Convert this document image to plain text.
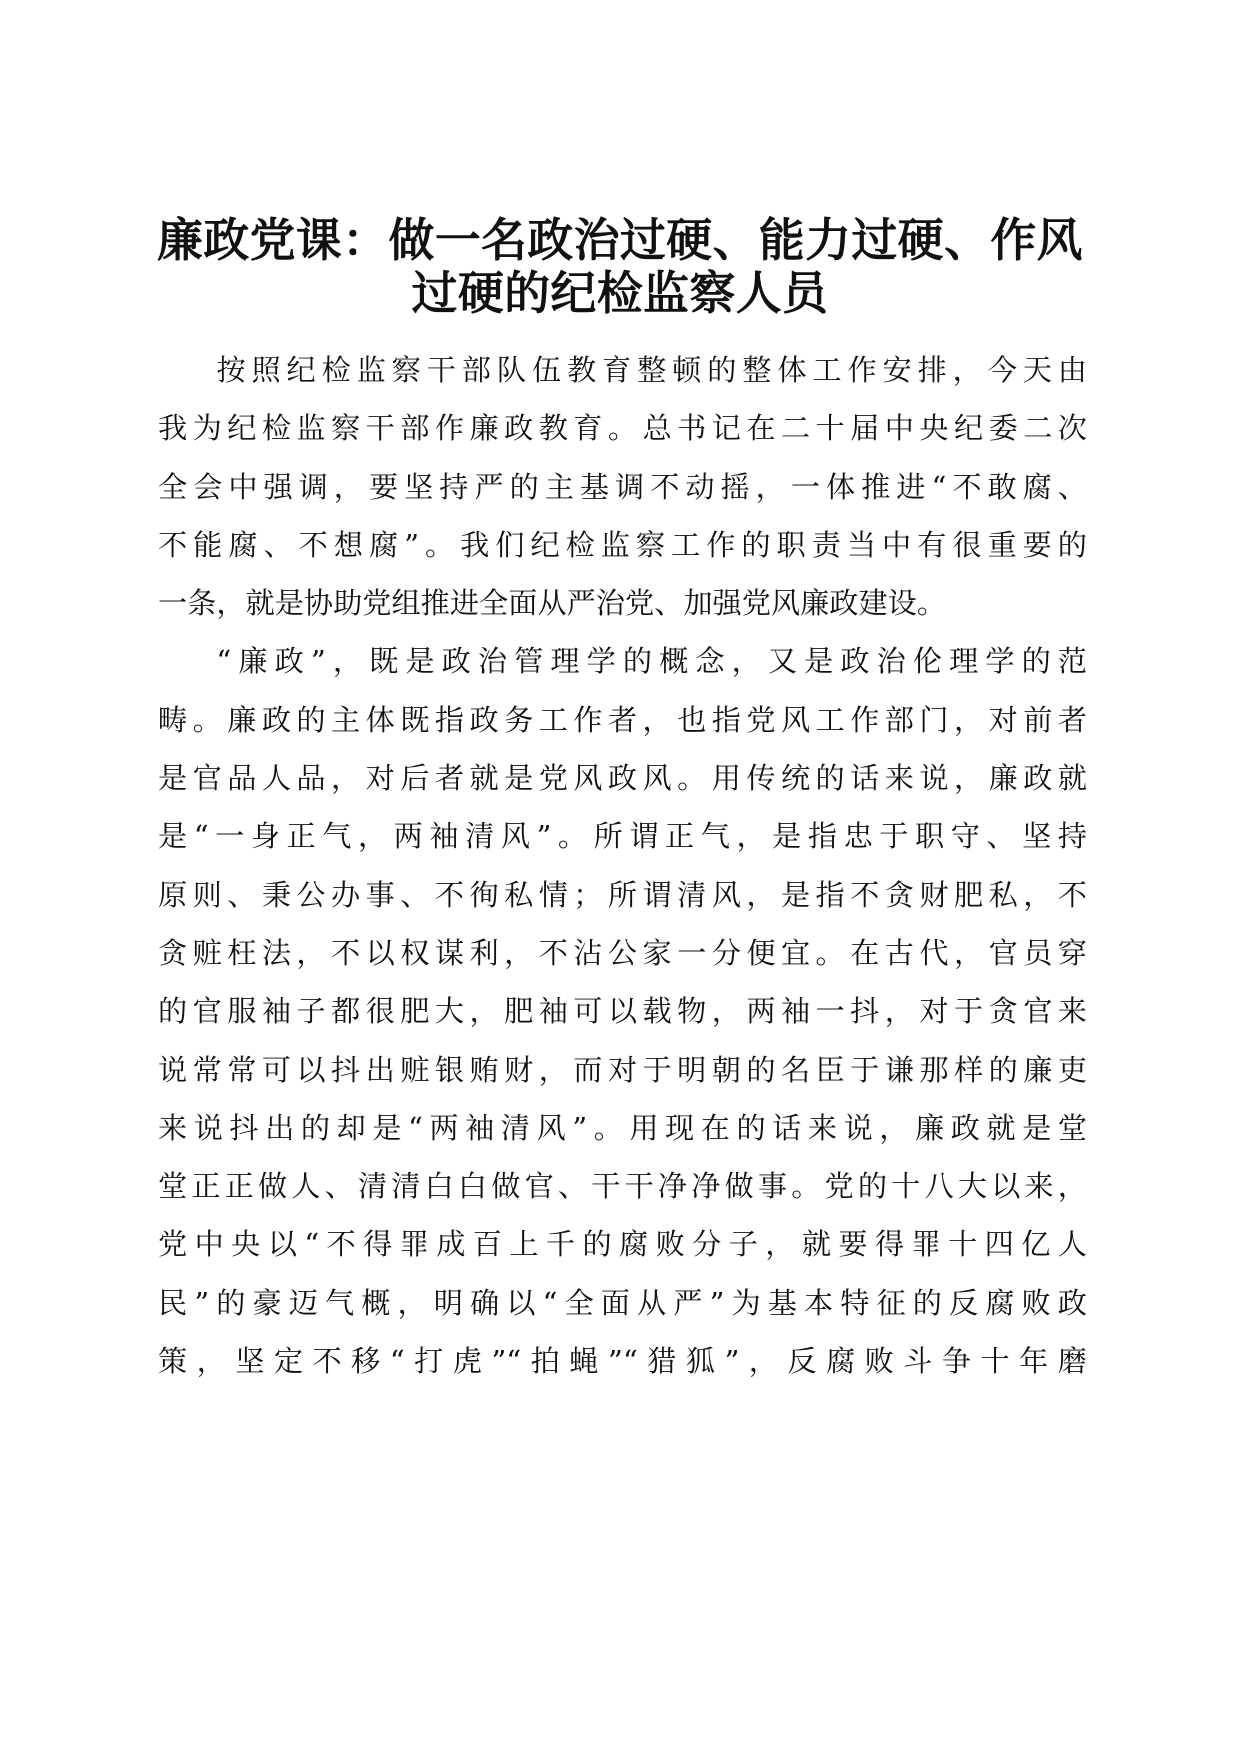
廉政党课：做一名政治过硬、能力过硬、作风
过硬的纪检监察人员
按照纪检监察干部队伍教育整顿的整体工作安排，今天由
我为纪检监察干部作廉政教育。总书记在二十届中央纪委二次
全会中强调，要坚持严的主基调不动摇，一体推进“不敢腐、
不能腐、不想腐”。我们纪检监察工作的职责当中有很重要的
一条，就是协助党组推进全面从严治党、加强党风廉政建设。
“廉政”，既是政治管理学的概念，又是政治伦理学的范
畴。廉政的主体既指政务工作者，也指党风工作部门，对前者
是官品人品，对后者就是党风政风。用传统的话来说，廉政就
是“一身正气，两袖清风”。所谓正气，是指忠于职守、坚持
原则、秉公办事、不徇私情；所谓清风，是指不贪财肥私，不
贪赃枉法，不以权谋利，不沾公家一分便宜。在古代，官员穿
的官服袖子都很肥大，肥袖可以载物，两袖一抖，对于贪官来
说常常可以抖出赃银贿财，而对于明朝的名臣于谦那样的廉吏
来说抖出的却是“两袖清风”。用现在的话来说，廉政就是堂
堂正正做人、清清白白做官、干干净净做事。党的十八大以来，
党中央以“不得罪成百上千的腐败分子，就要得罪十四亿人
民”的豪迈气概，明确以“全面从严”为基本特征的反腐败政
策，坚定不移“打虎”“拍蝇”“猎狐”，反腐败斗争十年磨
